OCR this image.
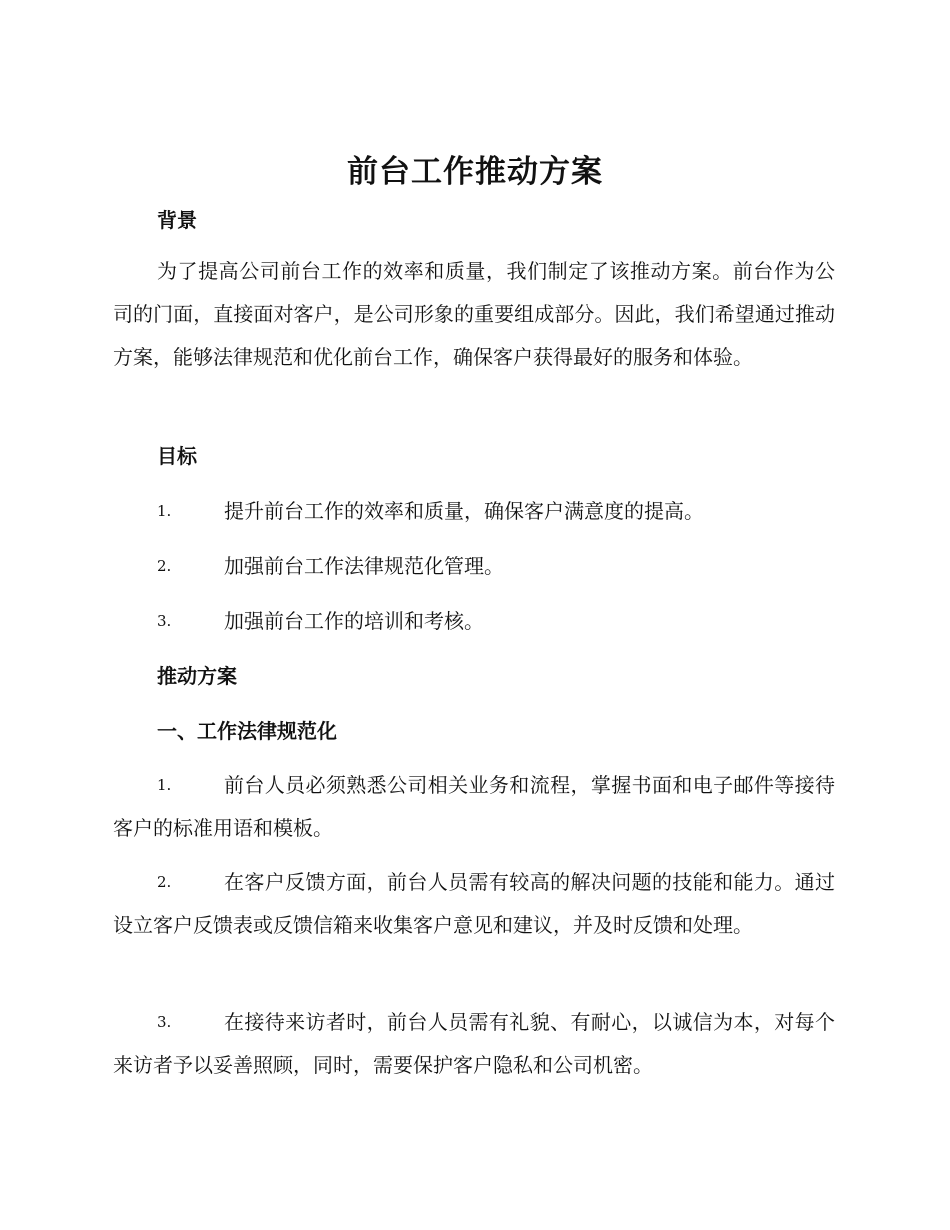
前台工作推动方案
背景
为了提高公司前台工作的效率和质量，我们制定了该推动方案。前台作为公司的门面，直接面对客户，是公司形象的重要组成部分。因此，我们希望通过推动方案，能够法律规范和优化前台工作，确保客户获得最好的服务和体验。
目标
1.	提升前台工作的效率和质量，确保客户满意度的提高。
2.	加强前台工作法律规范化管理。
3.	加强前台工作的培训和考核。
推动方案
一、工作法律规范化
1.	前台人员必须熟悉公司相关业务和流程，掌握书面和电子邮件等接待客户的标准用语和模板。
2.	在客户反馈方面，前台人员需有较高的解决问题的技能和能力。通过设立客户反馈表或反馈信箱来收集客户意见和建议，并及时反馈和处理。
3.	在接待来访者时，前台人员需有礼貌、有耐心，以诚信为本，对每个来访者予以妥善照顾，同时，需要保护客户隐私和公司机密。
